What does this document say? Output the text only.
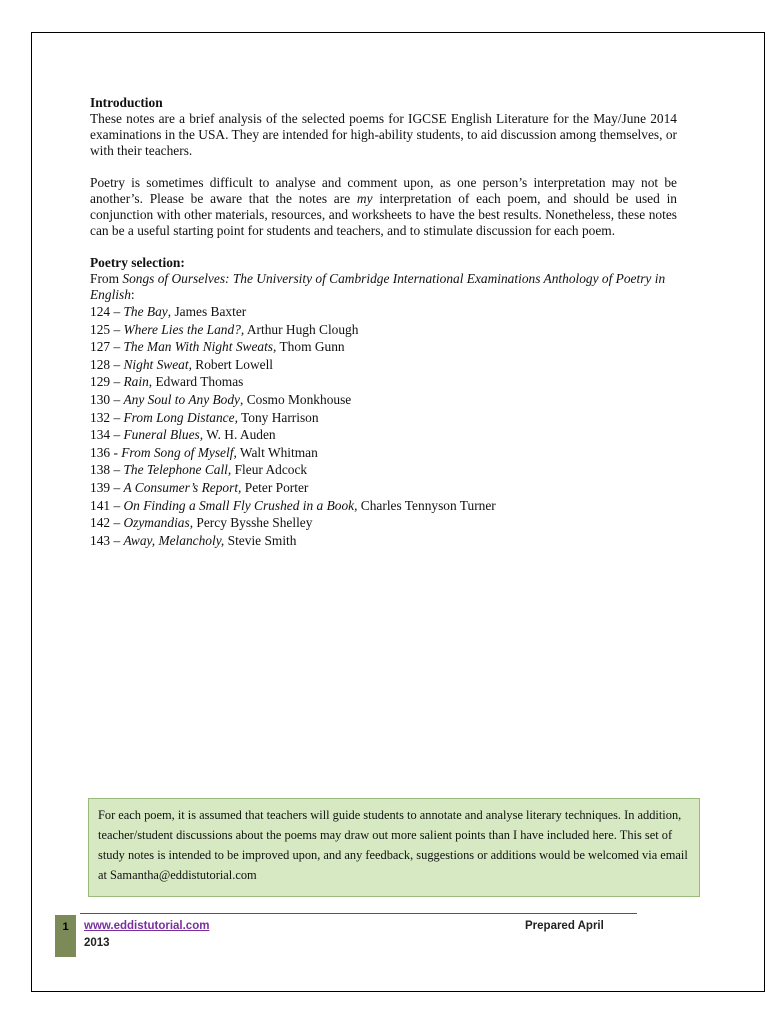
Introduction

These notes are a brief analysis of the selected poems for IGCSE English Literature for the May/June 2014 examinations in the USA. They are intended for high-ability students, to aid discussion among themselves, or with their teachers.

Poetry is sometimes difficult to analyse and comment upon, as one person’s interpretation may not be another’s. Please be aware that the notes are my interpretation of each poem, and should be used in conjunction with other materials, resources, and worksheets to have the best results. Nonetheless, these notes can be a useful starting point for students and teachers, and to stimulate discussion for each poem.

Poetry selection:

From Songs of Ourselves: The University of Cambridge International Examinations Anthology of Poetry in English:

124 – The Bay, James Baxter
125 – Where Lies the Land?, Arthur Hugh Clough
127 – The Man With Night Sweats, Thom Gunn
128 – Night Sweat, Robert Lowell
129 – Rain, Edward Thomas
130 – Any Soul to Any Body, Cosmo Monkhouse
132 – From Long Distance, Tony Harrison
134 – Funeral Blues, W. H. Auden
136 - From Song of Myself, Walt Whitman
138 – The Telephone Call, Fleur Adcock
139 – A Consumer’s Report, Peter Porter
141 – On Finding a Small Fly Crushed in a Book, Charles Tennyson Turner
142 – Ozymandias, Percy Bysshe Shelley
143 – Away, Melancholy, Stevie Smith
For each poem, it is assumed that teachers will guide students to annotate and analyse literary techniques. In addition, teacher/student discussions about the poems may draw out more salient points than I have included here. This set of study notes is intended to be improved upon, and any feedback, suggestions or additions would be welcomed via email at Samantha@eddistutorial.com
1	www.eddistutorial.com
2013
Prepared April
